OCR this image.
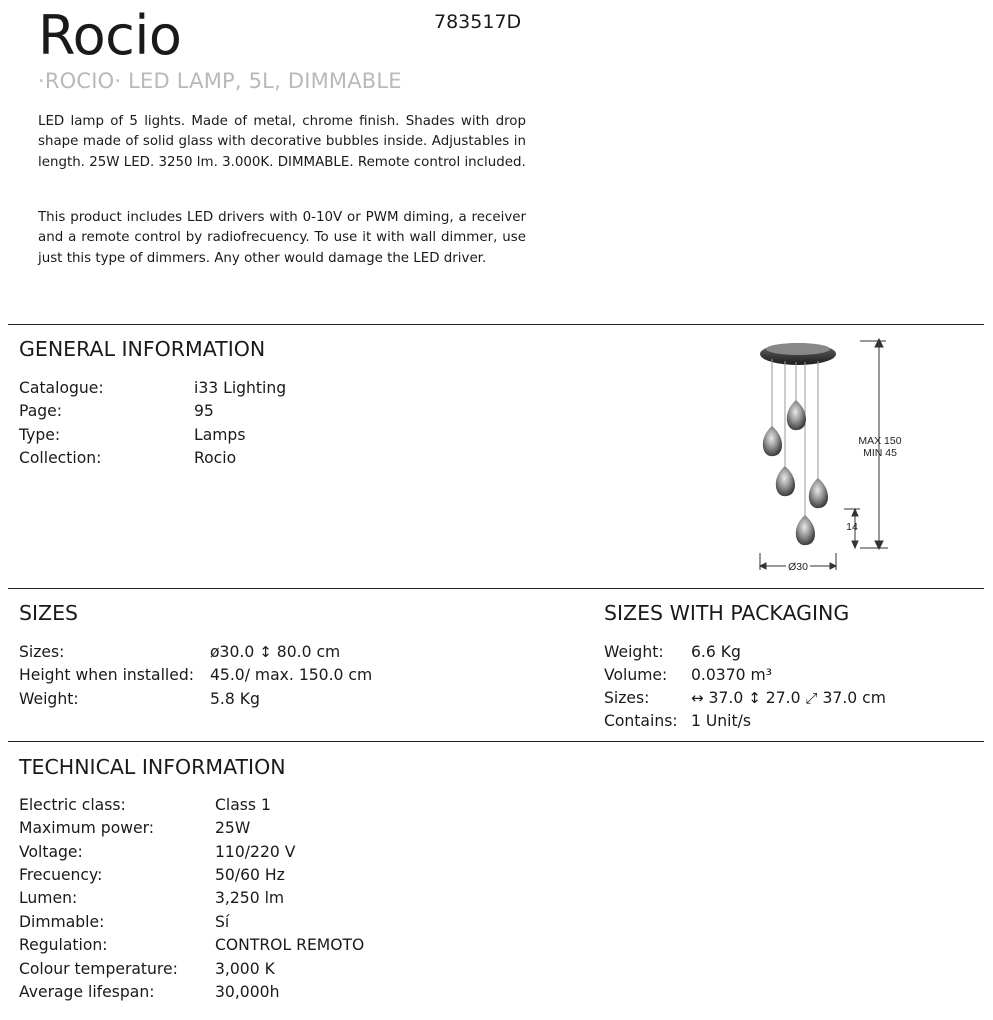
Rocio	783517D
·ROCIO· LED LAMP, 5L, DIMMABLE
LED lamp of 5 lights. Made of metal, chrome finish. Shades with drop shape made of solid glass with decorative bubbles inside. Adjustables in length. 25W LED. 3250 lm. 3.000K. DIMMABLE. Remote control included.
This product includes LED drivers with 0-10V or PWM diming, a receiver and a remote control by radiofrecuency. To use it with wall dimmer, use just this type of dimmers. Any other would damage the LED driver.
GENERAL INFORMATION
Catalogue:	i33 Lighting
Page:	95
Type:	Lamps
Collection:	Rocio
MAX 150
MIN 45
14
Ø30
SIZES
Sizes:	ø30.0 ↕ 80.0 cm
Height when installed: 45.0/ max. 150.0 cm
Weight:	5.8 Kg
SIZES WITH PACKAGING
Weight: 6.6 Kg
Volume: 0.0370 m³
Sizes:	↔ 37.0 ↕ 27.0 ⤢ 37.0 cm
Contains: 1 Unit/s
TECHNICAL INFORMATION
Electric class:	Class 1
Maximum power:	25W
Voltage:	110/220 V
Frecuency:	50/60 Hz
Lumen:	3,250 lm
Dimmable:	Sí
Regulation:	CONTROL REMOTO
Colour temperature: 3,000 K
Average lifespan:	30,000h
